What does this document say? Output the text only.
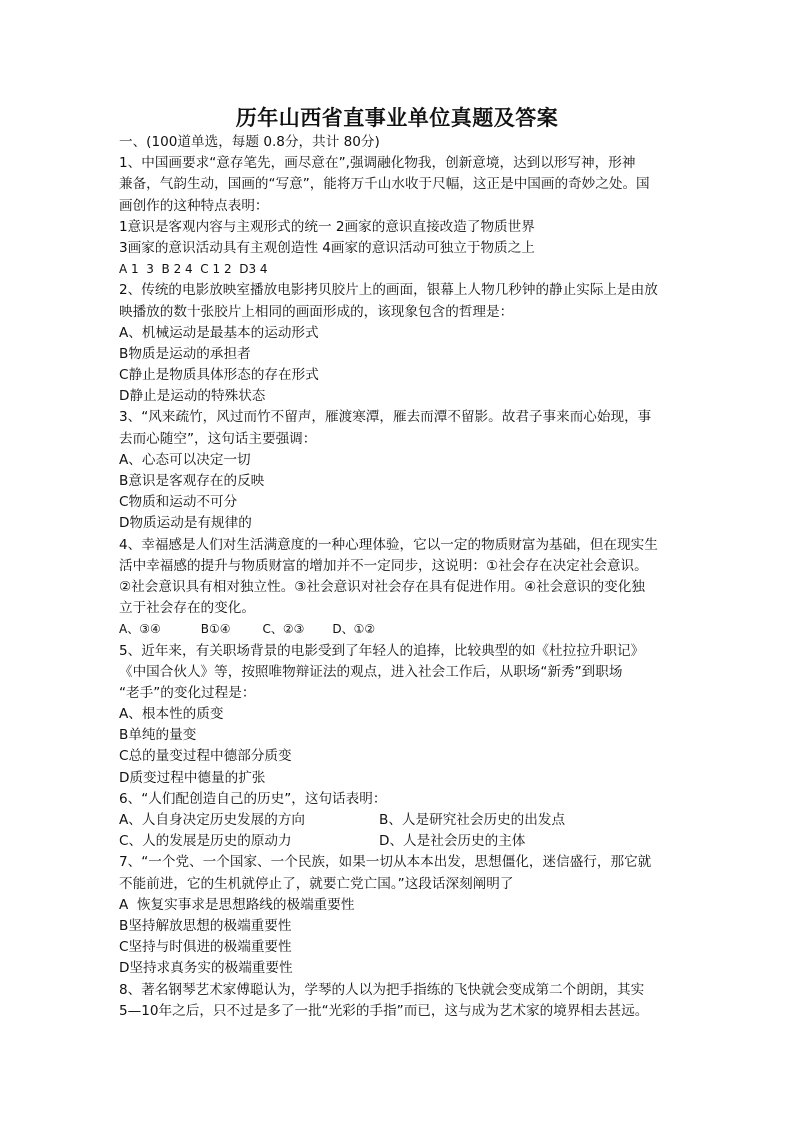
历年山西省直事业单位真题及答案
一、(100道单选，每题 0.8分，共计 80分)
1、中国画要求“意存笔先，画尽意在”,强调融化物我，创新意境，达到以形写神，形神
兼备，气韵生动，国画的“写意”，能将万千山水收于尺幅，这正是中国画的奇妙之处。国
画创作的这种特点表明：
1意识是客观内容与主观形式的统一 2画家的意识直接改造了物质世界
3画家的意识活动具有主观创造性 4画家的意识活动可独立于物质之上
A 1  3  B 2 4  C 1 2  D3 4
2、传统的电影放映室播放电影拷贝胶片上的画面，银幕上人物几秒钟的静止实际上是由放
映播放的数十张胶片上相同的画面形成的，该现象包含的哲理是：
A、机械运动是最基本的运动形式
B物质是运动的承担者
C静止是物质具体形态的存在形式
D静止是运动的特殊状态
3、“风来疏竹，风过而竹不留声，雁渡寒潭，雁去而潭不留影。故君子事来而心始现，事
去而心随空”，这句话主要强调：
A、心态可以决定一切
B意识是客观存在的反映
C物质和运动不可分
D物质运动是有规律的
4、幸福感是人们对生活满意度的一种心理体验，它以一定的物质财富为基础，但在现实生
活中幸福感的提升与物质财富的增加并不一定同步，这说明：①社会存在决定社会意识。
②社会意识具有相对独立性。③社会意识对社会存在具有促进作用。④社会意识的变化独
立于社会存在的变化。
A、③④	B①④	C、②③ D、①②
5、近年来，有关职场背景的电影受到了年轻人的追捧，比较典型的如《杜拉拉升职记》
《中国合伙人》等，按照唯物辩证法的观点，进入社会工作后，从职场“新秀”到职场
“老手”的变化过程是：
A、根本性的质变
B单纯的量变
C总的量变过程中德部分质变
D质变过程中德量的扩张
6、“人们配创造自己的历史”，这句话表明：
A、人自身决定历史发展的方向	B、人是研究社会历史的出发点
C、人的发展是历史的原动力	D、人是社会历史的主体
7、“一个党、一个国家、一个民族，如果一切从本本出发，思想僵化，迷信盛行，那它就
不能前进，它的生机就停止了，就要亡党亡国。”这段话深刻阐明了
A  恢复实事求是思想路线的极端重要性
B坚持解放思想的极端重要性
C坚持与时俱进的极端重要性
D坚持求真务实的极端重要性
8、著名钢琴艺术家傅聪认为，学琴的人以为把手指练的飞快就会变成第二个朗朗，其实
5—10年之后，只不过是多了一批“光彩的手指”而已，这与成为艺术家的境界相去甚远。
